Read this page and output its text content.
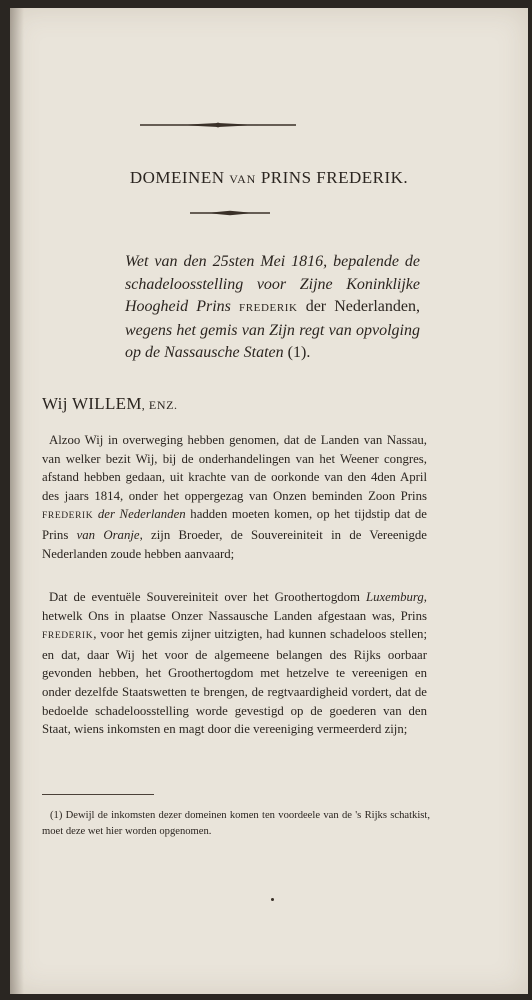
DOMEINEN VAN PRINS FREDERIK.
Wet van den 25sten Mei 1816, bepalende de schadeloosstelling voor Zijne Koninklijke Hoogheid Prins FREDERIK der Nederlanden, wegens het gemis van Zijn regt van opvolging op de Nassausche Staten (1).
Wij WILLEM, ENZ.

Alzoo Wij in overweging hebben genomen, dat de Landen van Nassau, van welker bezit Wij, bij de onderhandelingen van het Weener congres, afstand hebben gedaan, uit krachte van de oorkonde van den 4den April des jaars 1814, onder het oppergezag van Onzen beminden Zoon Prins FREDERIK der Nederlanden hadden moeten komen, op het tijdstip dat de Prins van Oranje, zijn Broeder, de Souvereiniteit in de Vereenigde Nederlanden zoude hebben aanvaard;

Dat de eventuële Souvereiniteit over het Groothertogdom Luxemburg, hetwelk Ons in plaatse Onzer Nassausche Landen afgestaan was, Prins FREDERIK, voor het gemis zijner uitzigten, had kunnen schadeloos stellen; en dat, daar Wij het voor de algemeene belangen des Rijks oorbaar gevonden hebben, het Groothertogdom met hetzelve te vereenigen en onder dezelfde Staatswetten te brengen, de regtvaardigheid vordert, dat de bedoelde schadeloosstelling worde gevestigd op de goederen van den Staat, wiens inkomsten en magt door die vereeniging vermeerderd zijn;

(1) Dewijl de inkomsten dezer domeinen komen ten voordeele van de 's Rijks schatkist, moet deze wet hier worden opgenomen.
